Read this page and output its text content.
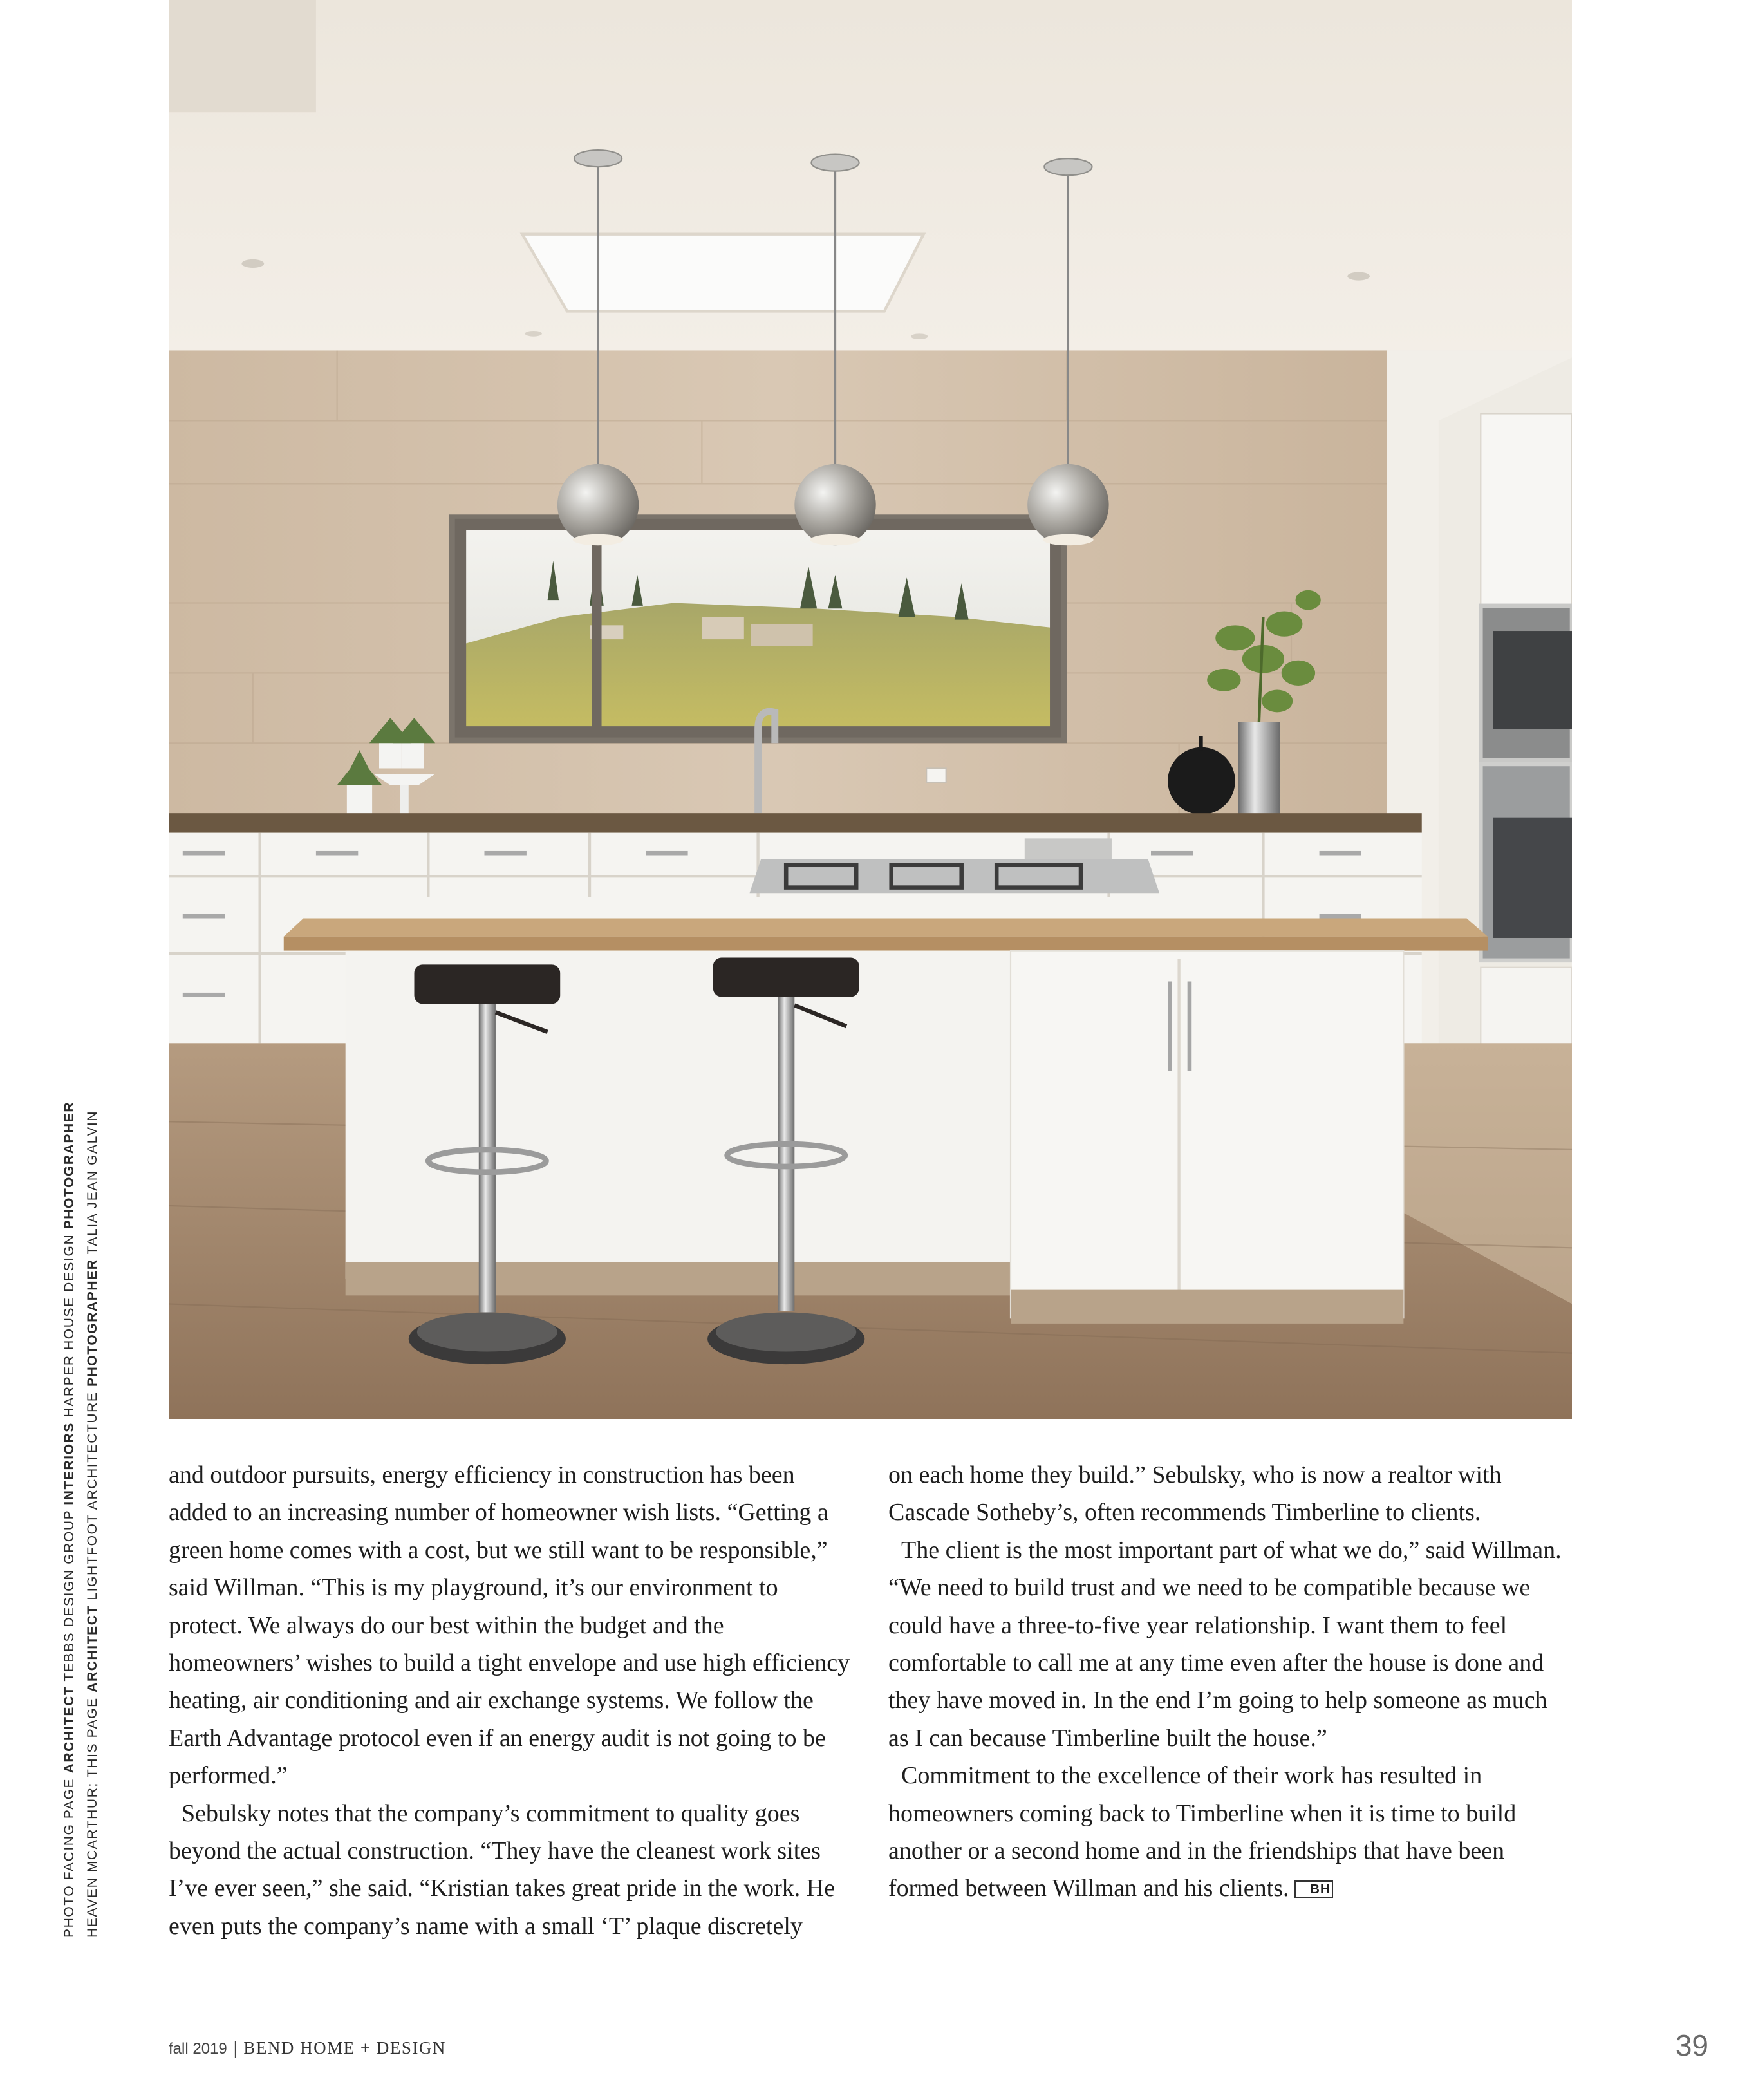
PHOTO FACING PAGE ARCHITECT TEBBS DESIGN GROUP INTERIORS HARPER HOUSE DESIGN PHOTOGRAPHER
HEAVEN MCARTHUR; THIS PAGE ARCHITECT LIGHTFOOT ARCHITECTURE PHOTOGRAPHER TALIA JEAN GALVIN

and outdoor pursuits, energy efficiency in construction has been added to an increasing number of homeowner wish lists. “Getting a green home comes with a cost, but we still want to be responsible,” said Willman. “This is my playground, it’s our environment to protect. We always do our best within the budget and the homeowners’ wishes to build a tight envelope and use high efficiency heating, air conditioning and air exchange systems. We follow the Earth Advantage protocol even if an energy audit is not going to be performed.”

Sebulsky notes that the company’s commitment to quality goes beyond the actual construction. “They have the cleanest work sites I’ve ever seen,” she said. “Kristian takes great pride in the work. He even puts the company’s name with a small ‘T’ plaque discretely

on each home they build.” Sebulsky, who is now a realtor with Cascade Sotheby’s, often recommends Timberline to clients.

The client is the most important part of what we do,” said Willman. “We need to build trust and we need to be compatible because we could have a three-to-five year relationship. I want them to feel comfortable to call me at any time even after the house is done and they have moved in. In the end I’m going to help someone as much as I can because Timberline built the house.”

Commitment to the excellence of their work has resulted in homeowners coming back to Timberline when it is time to build another or a second home and in the friendships that have been formed between Willman and his clients. BH

fall 2019 | BEND HOME + DESIGN	39
